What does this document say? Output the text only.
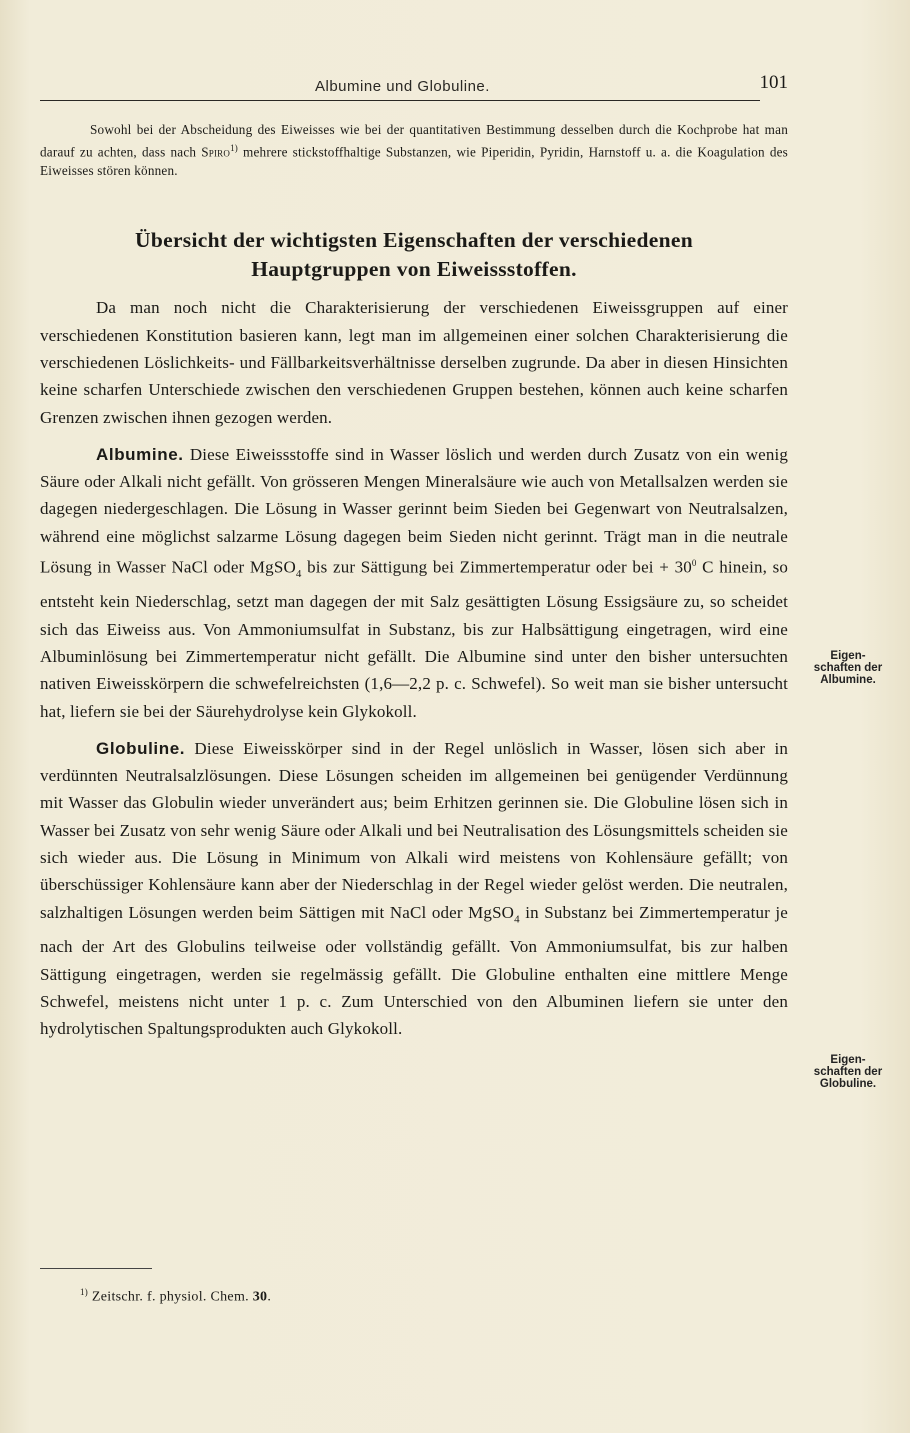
Albumine und Globuline.	101

Sowohl bei der Abscheidung des Eiweisses wie bei der quantitativen Bestimmung desselben durch die Kochprobe hat man darauf zu achten, dass nach Spiro$^{1)}$ mehrere stickstoffhaltige Substanzen, wie Piperidin, Pyridin, Harnstoff u. a. die Koagulation des Eiweisses stören können.

Übersicht der wichtigsten Eigenschaften der verschiedenen
Hauptgruppen von Eiweissstoffen.

Da man noch nicht die Charakterisierung der verschiedenen Eiweissgruppen auf einer verschiedenen Konstitution basieren kann, legt man im allgemeinen einer solchen Charakterisierung die verschiedenen Löslichkeits- und Fällbarkeitsverhältnisse derselben zugrunde. Da aber in diesen Hinsichten keine scharfen Unterschiede zwischen den verschiedenen Gruppen bestehen, können auch keine scharfen Grenzen zwischen ihnen gezogen werden.

Albumine. Diese Eiweissstoffe sind in Wasser löslich und werden durch Zusatz von ein wenig Säure oder Alkali nicht gefällt. Von grösseren Mengen Mineralsäure wie auch von Metallsalzen werden sie dagegen niedergeschlagen. Die Lösung in Wasser gerinnt beim Sieden bei Gegenwart von Neutralsalzen, während eine möglichst salzarme Lösung dagegen beim Sieden nicht gerinnt. Trägt man in die neutrale Lösung in Wasser NaCl oder MgSO$_4$ bis zur Sättigung bei Zimmertemperatur oder bei + $30^0$ C hinein, so entsteht kein Niederschlag, setzt man dagegen der mit Salz gesättigten Lösung Essigsäure zu, so scheidet sich das Eiweiss aus. Von Ammoniumsulfat in Substanz, bis zur Halbsättigung eingetragen, wird eine Albuminlösung bei Zimmertemperatur nicht gefällt. Die Albumine sind unter den bisher untersuchten nativen Eiweisskörpern die schwefelreichsten (1,6—2,2 p. c. Schwefel). So weit man sie bisher untersucht hat, liefern sie bei der Säurehydrolyse kein Glykokoll.

Globuline. Diese Eiweisskörper sind in der Regel unlöslich in Wasser, lösen sich aber in verdünnten Neutralsalzlösungen. Diese Lösungen scheiden im allgemeinen bei genügender Verdünnung mit Wasser das Globulin wieder unverändert aus; beim Erhitzen gerinnen sie. Die Globuline lösen sich in Wasser bei Zusatz von sehr wenig Säure oder Alkali und bei Neutralisation des Lösungsmittels scheiden sie sich wieder aus. Die Lösung in Minimum von Alkali wird meistens von Kohlensäure gefällt; von überschüssiger Kohlensäure kann aber der Niederschlag in der Regel wieder gelöst werden. Die neutralen, salzhaltigen Lösungen werden beim Sättigen mit NaCl oder MgSO$_4$ in Substanz bei Zimmertemperatur je nach der Art des Globulins teilweise oder vollständig gefällt. Von Ammoniumsulfat, bis zur halben Sättigung eingetragen, werden sie regelmässig gefällt. Die Globuline enthalten eine mittlere Menge Schwefel, meistens nicht unter 1 p. c. Zum Unterschied von den Albuminen liefern sie unter den hydrolytischen Spaltungsprodukten auch Glykokoll.

Eigen-
schaften der
Albumine.
Eigen-
schaften der
Globuline.
$^{1)}$ Zeitschr. f. physiol. Chem. 30.
